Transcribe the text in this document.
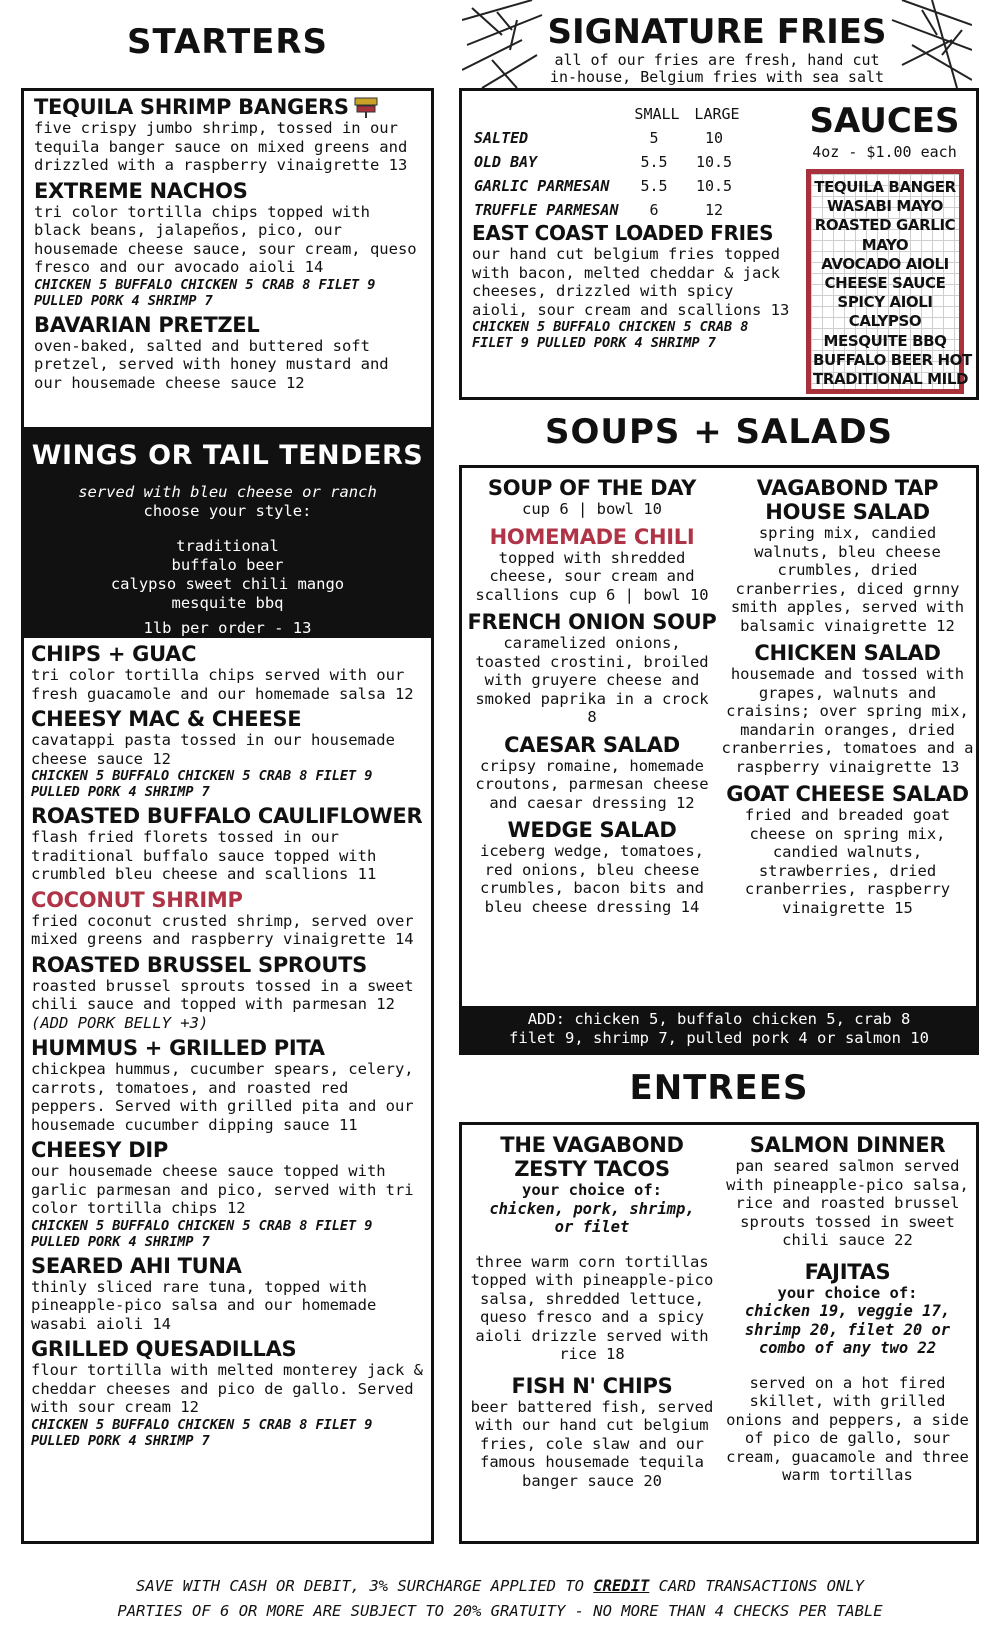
STARTERS
TEQUILA SHRIMP BANGERS
five crispy jumbo shrimp, tossed in our tequila banger sauce on mixed greens and drizzled with a raspberry vinaigrette 13
EXTREME NACHOS
tri color tortilla chips topped with black beans, jalapeños, pico, our housemade cheese sauce, sour cream, queso fresco and our avocado aioli 14
CHICKEN 5 BUFFALO CHICKEN 5 CRAB 8 FILET 9 PULLED PORK 4 SHRIMP 7
BAVARIAN PRETZEL
oven-baked, salted and buttered soft pretzel, served with honey mustard and our housemade cheese sauce 12
WINGS OR TAIL TENDERS
served with bleu cheese or ranch
choose your style:
traditional
buffalo beer
calypso sweet chili mango
mesquite bbq
1lb per order - 13
CHIPS + GUAC
tri color tortilla chips served with our fresh guacamole and our homemade salsa 12
CHEESY MAC & CHEESE
cavatappi pasta tossed in our housemade cheese sauce 12
CHICKEN 5 BUFFALO CHICKEN 5 CRAB 8 FILET 9 PULLED PORK 4 SHRIMP 7
ROASTED BUFFALO CAULIFLOWER
flash fried florets tossed in our traditional buffalo sauce topped with crumbled bleu cheese and scallions 11
COCONUT SHRIMP
fried coconut crusted shrimp, served over mixed greens and raspberry vinaigrette 14
ROASTED BRUSSEL SPROUTS
roasted brussel sprouts tossed in a sweet chili sauce and topped with parmesan 12 (ADD PORK BELLY +3)
HUMMUS + GRILLED PITA
chickpea hummus, cucumber spears, celery, carrots, tomatoes, and roasted red peppers. Served with grilled pita and our housemade cucumber dipping sauce 11
CHEESY DIP
our housemade cheese sauce topped with garlic parmesan and pico, served with tri color tortilla chips 12
CHICKEN 5 BUFFALO CHICKEN 5 CRAB 8 FILET 9 PULLED PORK 4 SHRIMP 7
SEARED AHI TUNA
thinly sliced rare tuna, topped with pineapple-pico salsa and our homemade wasabi aioli 14
GRILLED QUESADILLAS
flour tortilla with melted monterey jack & cheddar cheeses and pico de gallo. Served with sour cream 12
CHICKEN 5 BUFFALO CHICKEN 5 CRAB 8 FILET 9 PULLED PORK 4 SHRIMP 7
SIGNATURE FRIES
all of our fries are fresh, hand cut
in-house, Belgium fries with sea salt
	SMALL	LARGE
SALTED	5	10
OLD BAY	5.5	10.5
GARLIC PARMESAN	5.5	10.5
TRUFFLE PARMESAN	6	12
EAST COAST LOADED FRIES
our hand cut belgium fries topped with bacon, melted cheddar & jack cheeses, drizzled with spicy aioli, sour cream and scallions 13
CHICKEN 5 BUFFALO CHICKEN 5 CRAB 8 FILET 9 PULLED PORK 4 SHRIMP 7
SAUCES
4oz - $1.00 each
TEQUILA BANGER
WASABI MAYO
ROASTED GARLIC
MAYO
AVOCADO AIOLI
CHEESE SAUCE
SPICY AIOLI
CALYPSO
MESQUITE BBQ
BUFFALO BEER HOT
TRADITIONAL MILD
SOUPS + SALADS
SOUP OF THE DAY
cup 6 | bowl 10
HOMEMADE CHILI
topped with shredded cheese, sour cream and scallions cup 6 | bowl 10
FRENCH ONION SOUP
caramelized onions, toasted crostini, broiled with gruyere cheese and smoked paprika in a crock 8
CAESAR SALAD
cripsy romaine, homemade croutons, parmesan cheese and caesar dressing 12
WEDGE SALAD
iceberg wedge, tomatoes, red onions, bleu cheese crumbles, bacon bits and bleu cheese dressing 14
VAGABOND TAP HOUSE SALAD
spring mix, candied walnuts, bleu cheese crumbles, dried cranberries, diced grnny smith apples, served with balsamic vinaigrette 12
CHICKEN SALAD
housemade and tossed with grapes, walnuts and craisins; over spring mix, mandarin oranges, dried cranberries, tomatoes and a raspberry vinaigrette 13
GOAT CHEESE SALAD
fried and breaded goat cheese on spring mix, candied walnuts, strawberries, dried cranberries, raspberry vinaigrette 15
ADD: chicken 5, buffalo chicken 5, crab 8
filet 9, shrimp 7, pulled pork 4 or salmon 10
ENTREES
THE VAGABOND ZESTY TACOS
your choice of:
chicken, pork, shrimp, or filet
three warm corn tortillas topped with pineapple-pico salsa, shredded lettuce, queso fresco and a spicy aioli drizzle served with rice 18
FISH N' CHIPS
beer battered fish, served with our hand cut belgium fries, cole slaw and our famous housemade tequila banger sauce 20
SALMON DINNER
pan seared salmon served with pineapple-pico salsa, rice and roasted brussel sprouts tossed in sweet chili sauce 22
FAJITAS
your choice of:
chicken 19, veggie 17, shrimp 20, filet 20 or combo of any two 22
served on a hot fired skillet, with grilled onions and peppers, a side of pico de gallo, sour cream, guacamole and three warm tortillas
SAVE WITH CASH OR DEBIT, 3% SURCHARGE APPLIED TO CREDIT CARD TRANSACTIONS ONLY
PARTIES OF 6 OR MORE ARE SUBJECT TO 20% GRATUITY - NO MORE THAN 4 CHECKS PER TABLE
